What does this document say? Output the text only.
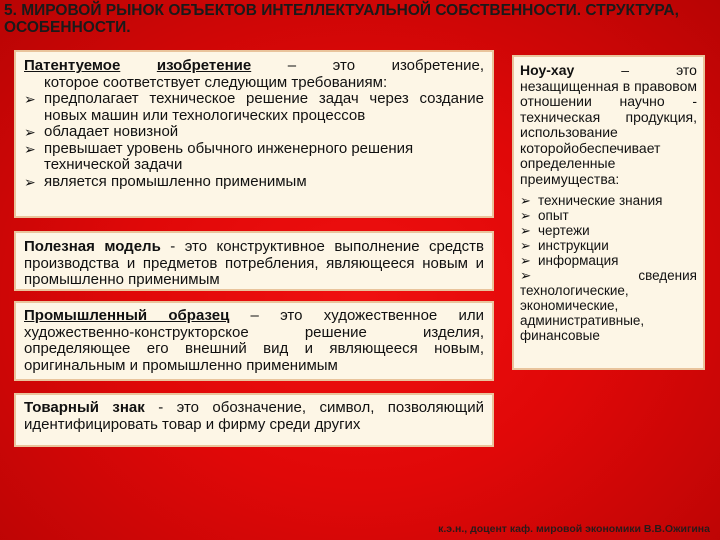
5. МИРОВОЙ РЫНОК ОБЪЕКТОВ ИНТЕЛЛЕКТУАЛЬНОЙ СОБСТВЕННОСТИ. СТРУКТУРА, ОСОБЕННОСТИ.

Патентуемое изобретение – это изобретение,

которое соответствует следующим требованиям:

➢ предполагает техническое решение задач через создание новых машин или технологических процессов
➢ обладает новизной
➢ превышает уровень обычного инженерного решения технической задачи
➢ является промышленно применимым
Полезная модель - это конструктивное выполнение средств производства и предметов потребления, являющееся новым и промышленно применимым
Промышленный образец – это художественное или художественно-конструкторское решение изделия, определяющее его внешний вид и являющееся новым, оригинальным и промышленно применимым
Товарный знак - это обозначение, символ, позволяющий идентифицировать товар и фирму среди других
Ноу-хау	–	это
незащищенная в правовом отношении научно - техническая продукция, использование которойобеспечивает определенные преимущества:
➢ технические знания
➢ опыт
➢ чертежи
➢ инструкции
➢ информация
➢	сведения

технологические, экономические, административные, финансовые

к.э.н., доцент каф. мировой экономики В.В.Ожигина
